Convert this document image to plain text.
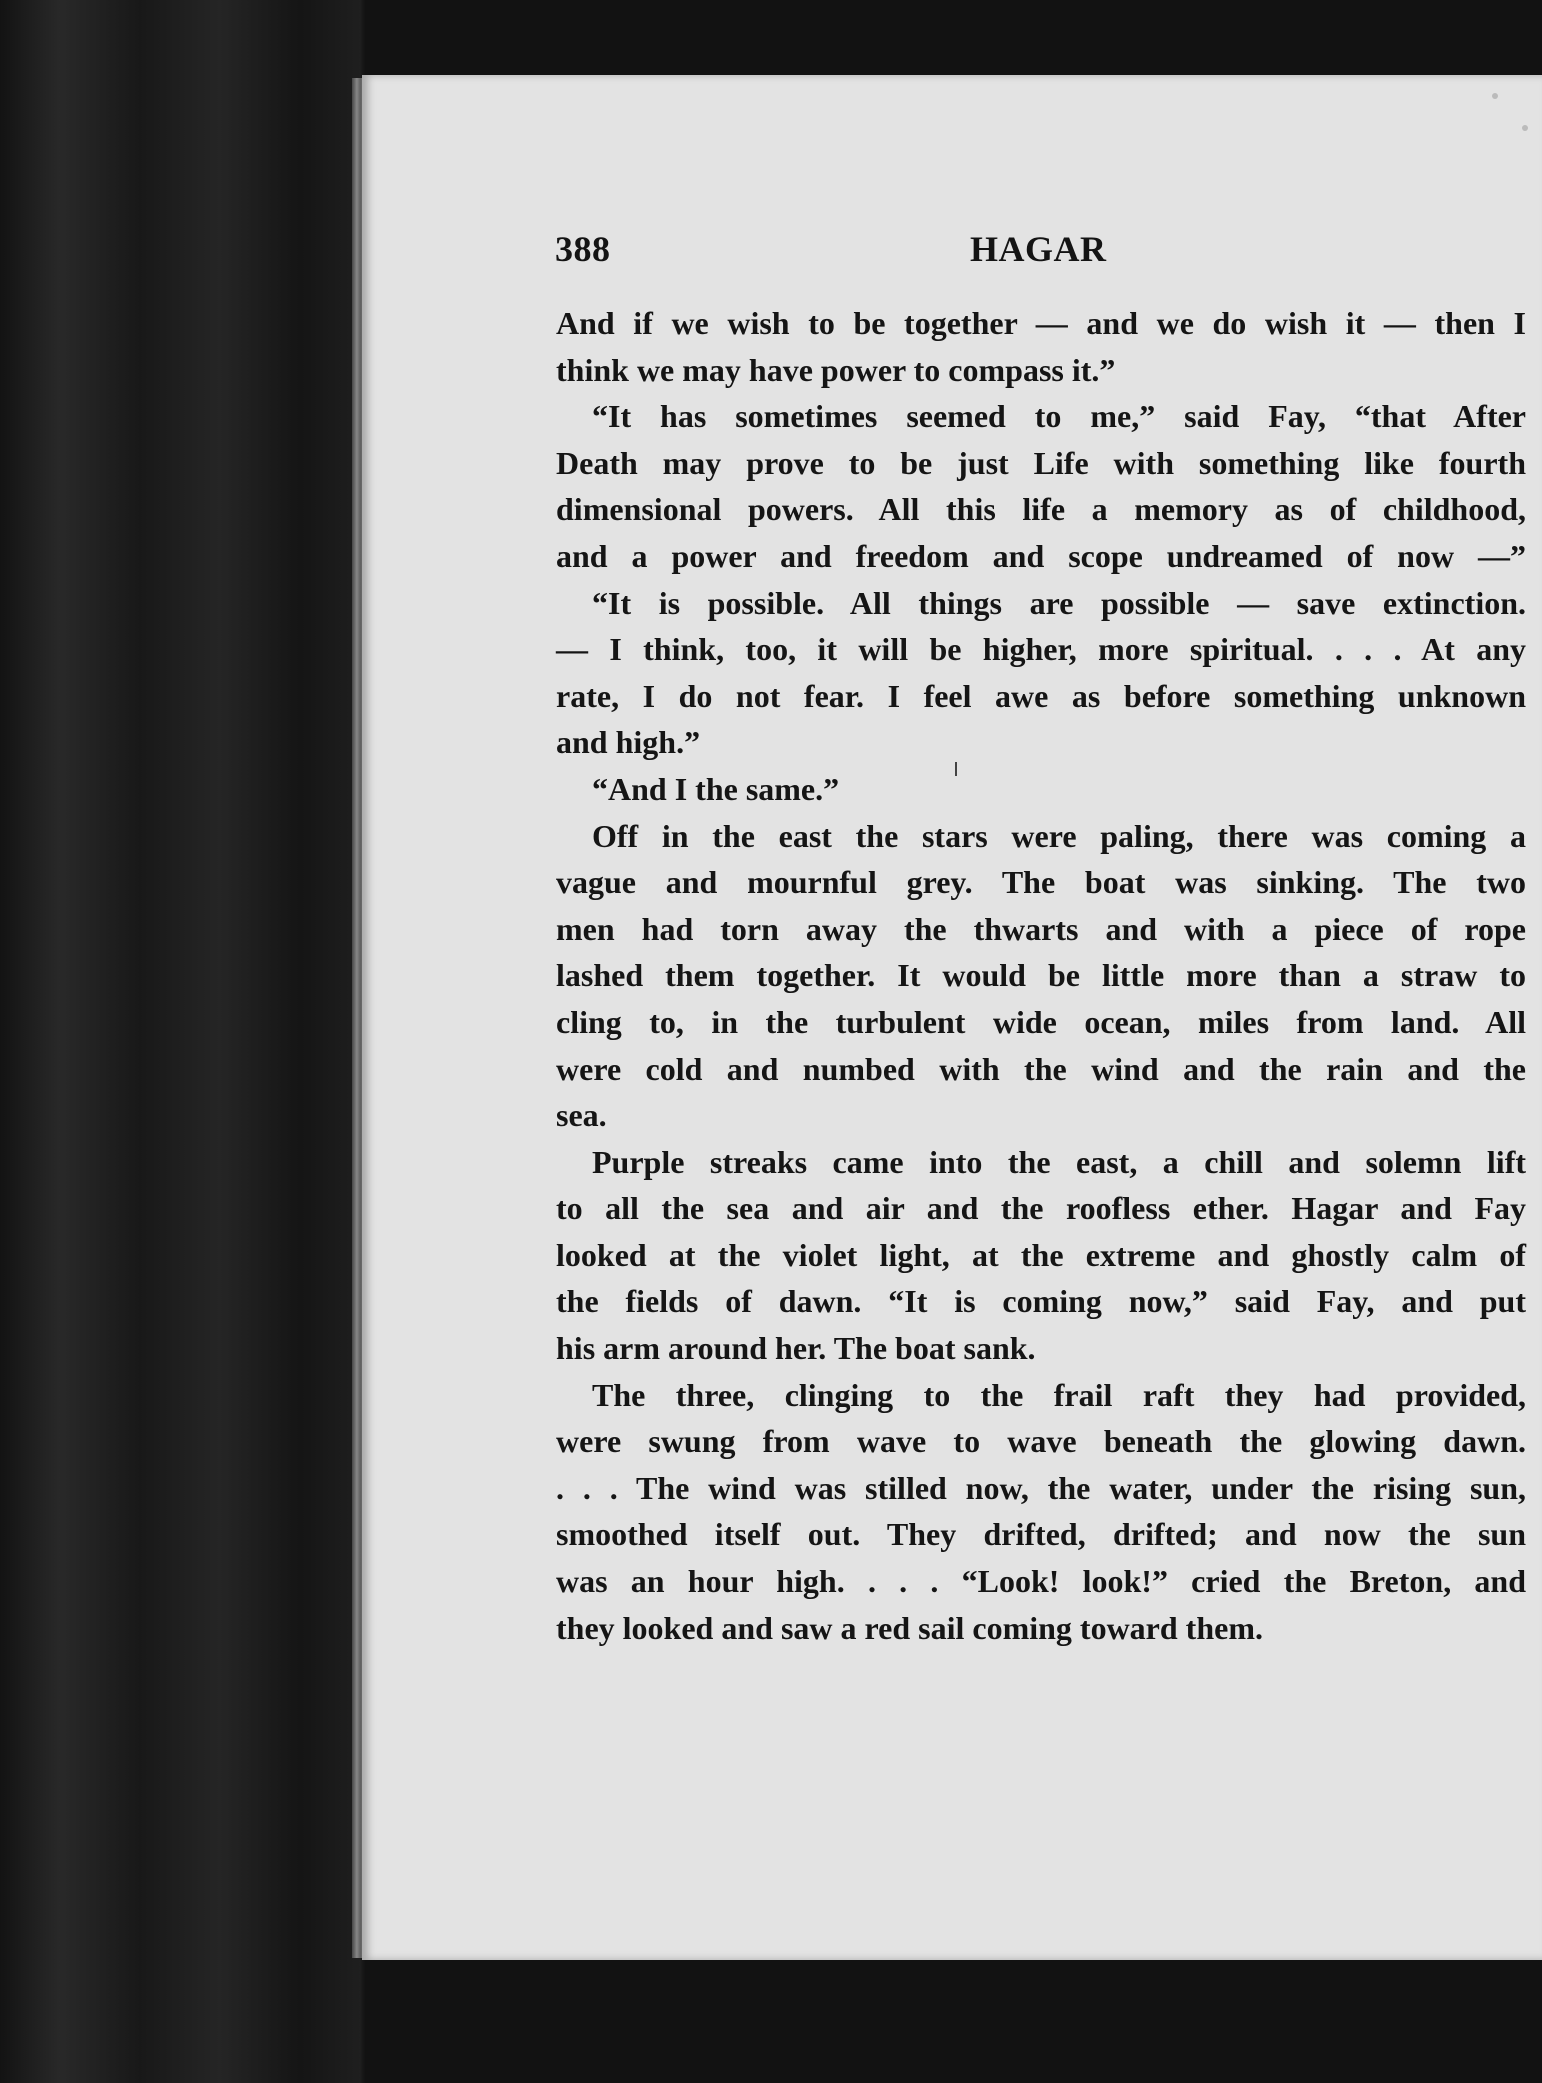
388	HAGAR
And if we wish to be together — and we do wish it — then I
think we may have power to compass it.”
“It has sometimes seemed to me,” said Fay, “that After
Death may prove to be just Life with something like fourth
dimensional powers. All this life a memory as of childhood,
and a power and freedom and scope undreamed of now —”
“It is possible. All things are possible — save extinction.
— I think, too, it will be higher, more spiritual. . . . At any
rate, I do not fear. I feel awe as before something unknown
and high.”
“And I the same.”
Off in the east the stars were paling, there was coming a
vague and mournful grey. The boat was sinking. The two
men had torn away the thwarts and with a piece of rope
lashed them together. It would be little more than a straw to
cling to, in the turbulent wide ocean, miles from land. All
were cold and numbed with the wind and the rain and the
sea.
Purple streaks came into the east, a chill and solemn lift
to all the sea and air and the roofless ether. Hagar and Fay
looked at the violet light, at the extreme and ghostly calm of
the fields of dawn. “It is coming now,” said Fay, and put
his arm around her. The boat sank.
The three, clinging to the frail raft they had provided,
were swung from wave to wave beneath the glowing dawn.
. . . The wind was stilled now, the water, under the rising sun,
smoothed itself out. They drifted, drifted; and now the sun
was an hour high. . . . “Look! look!” cried the Breton, and
they looked and saw a red sail coming toward them.
